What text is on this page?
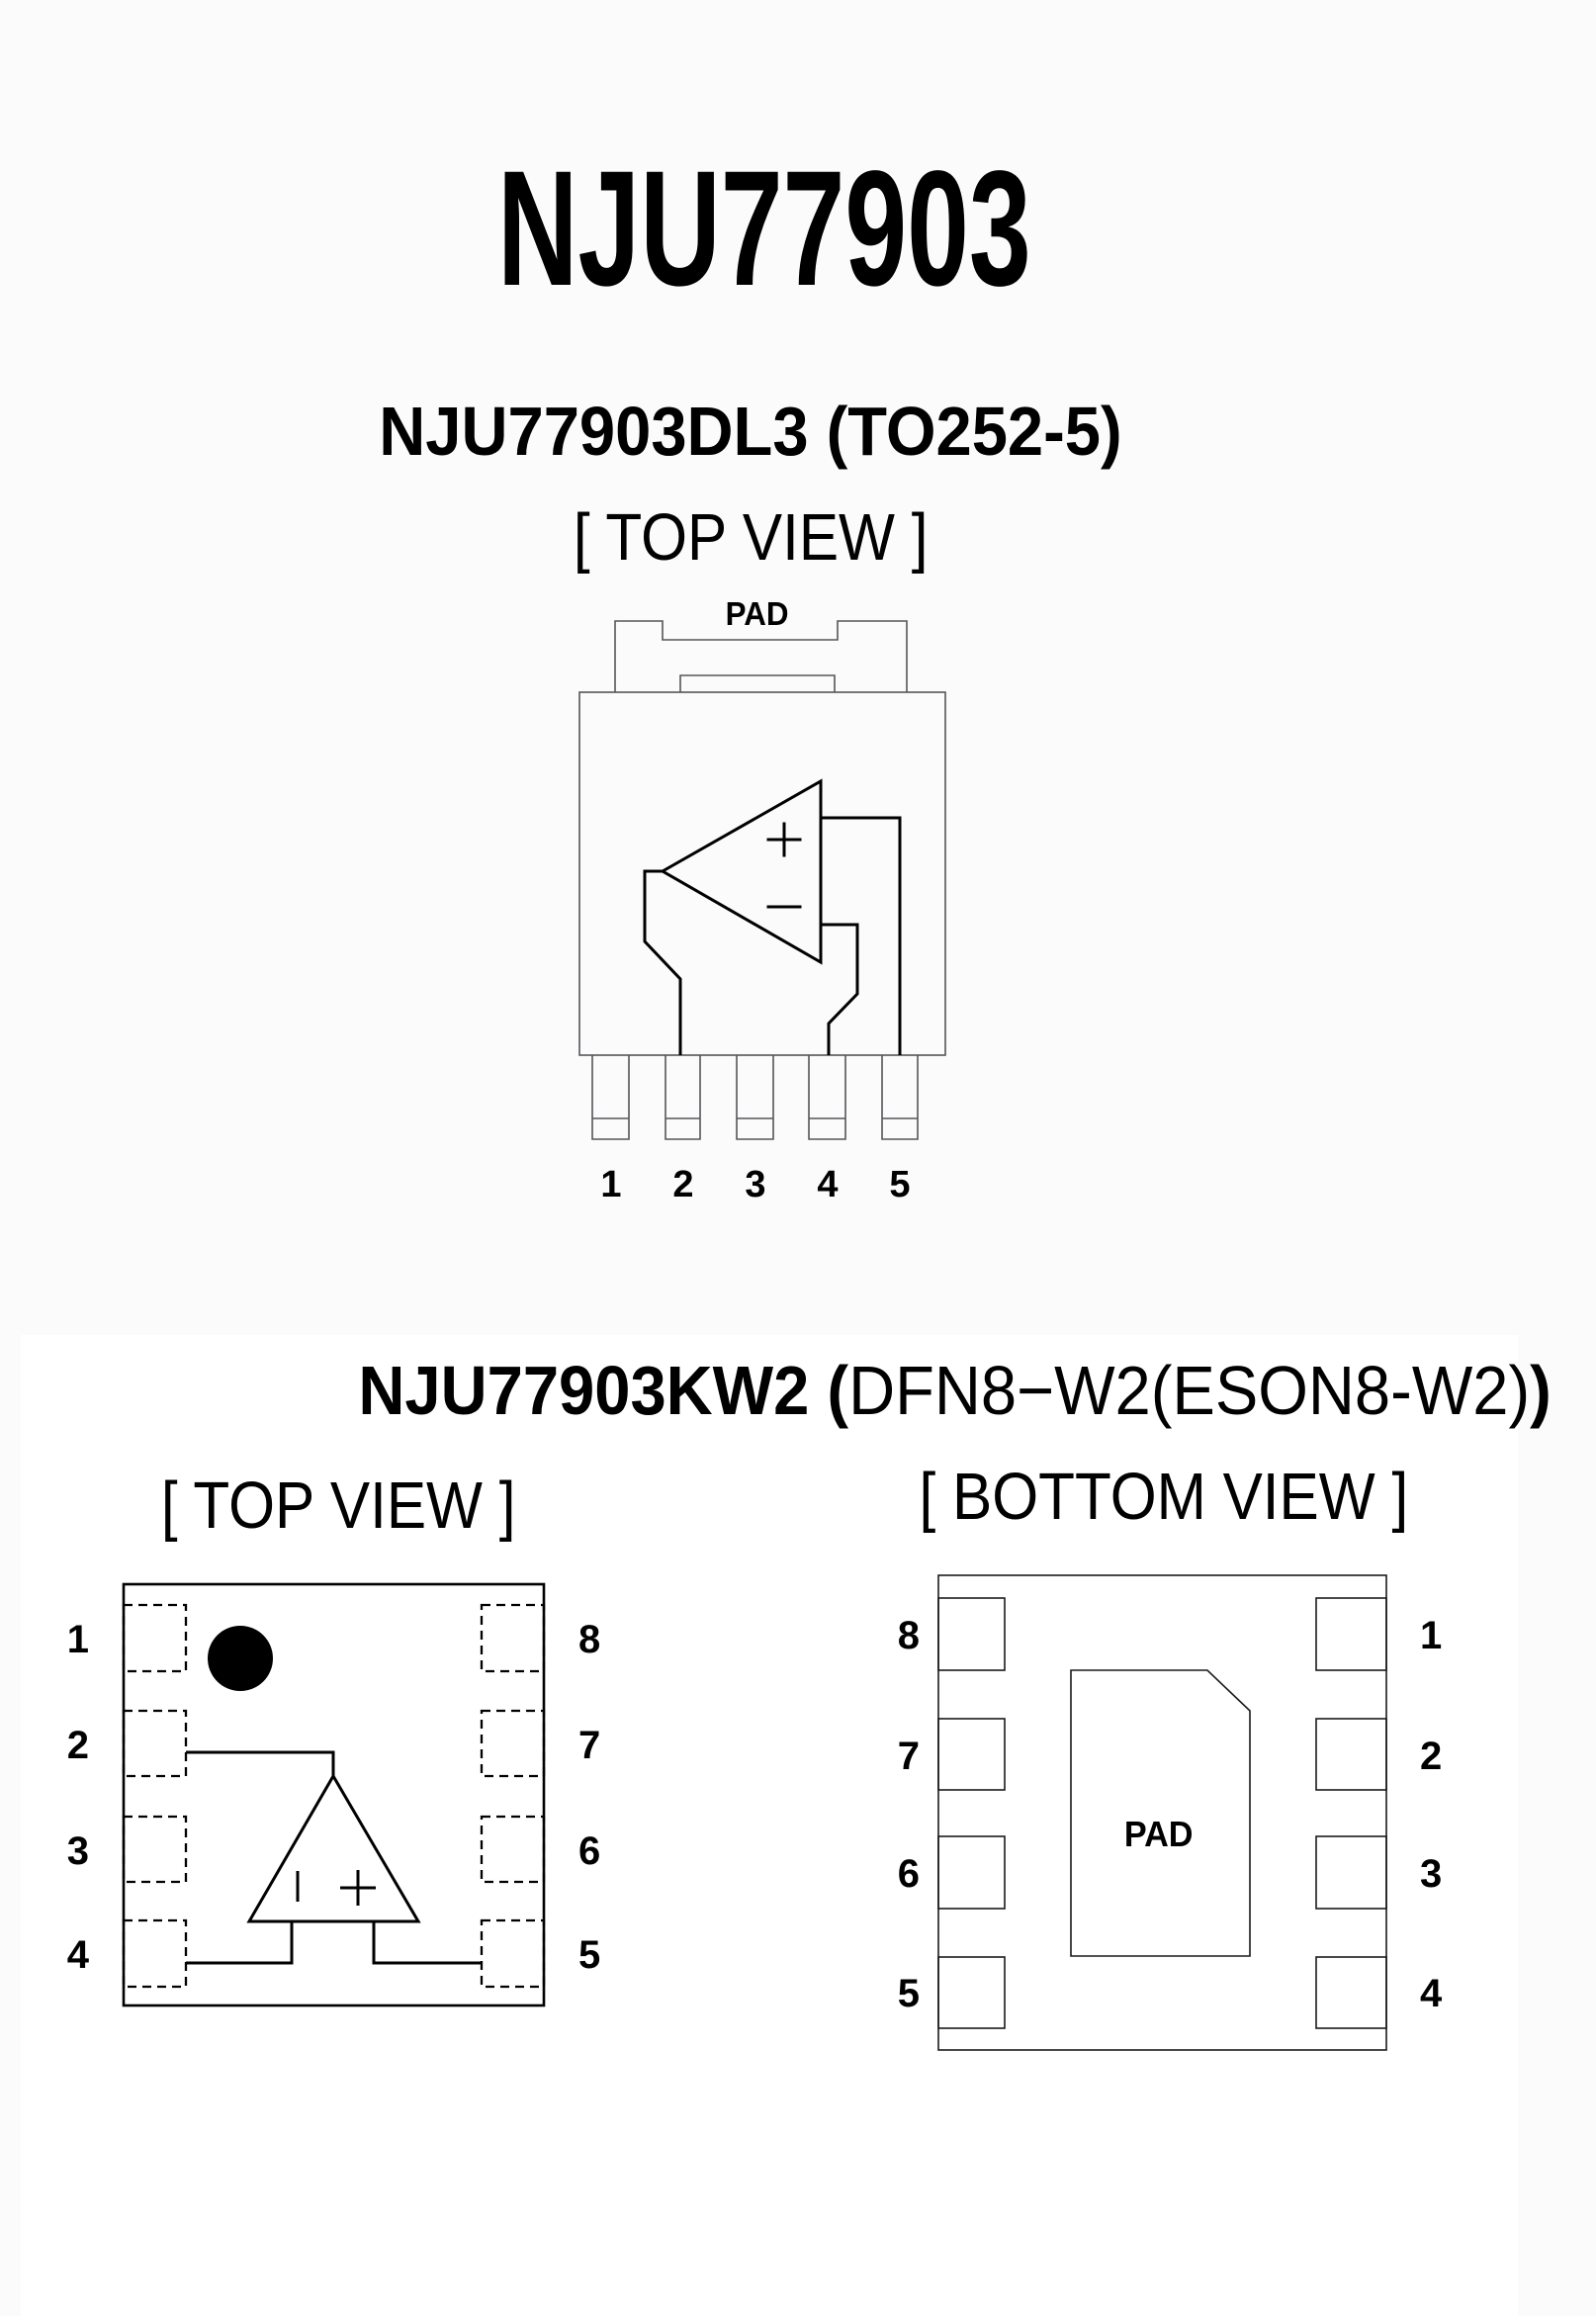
NJU77903
NJU77903DL3 (TO252-5)
[ TOP VIEW ]
PAD
1	2	3	4	5
NJU77903KW2 (DFN8−W2(ESON8-W2))
[ TOP VIEW ]	[ BOTTOM VIEW ]
1
2
3
4
8
7
6
5
PAD
8
7
6
5
1
2
3
4
